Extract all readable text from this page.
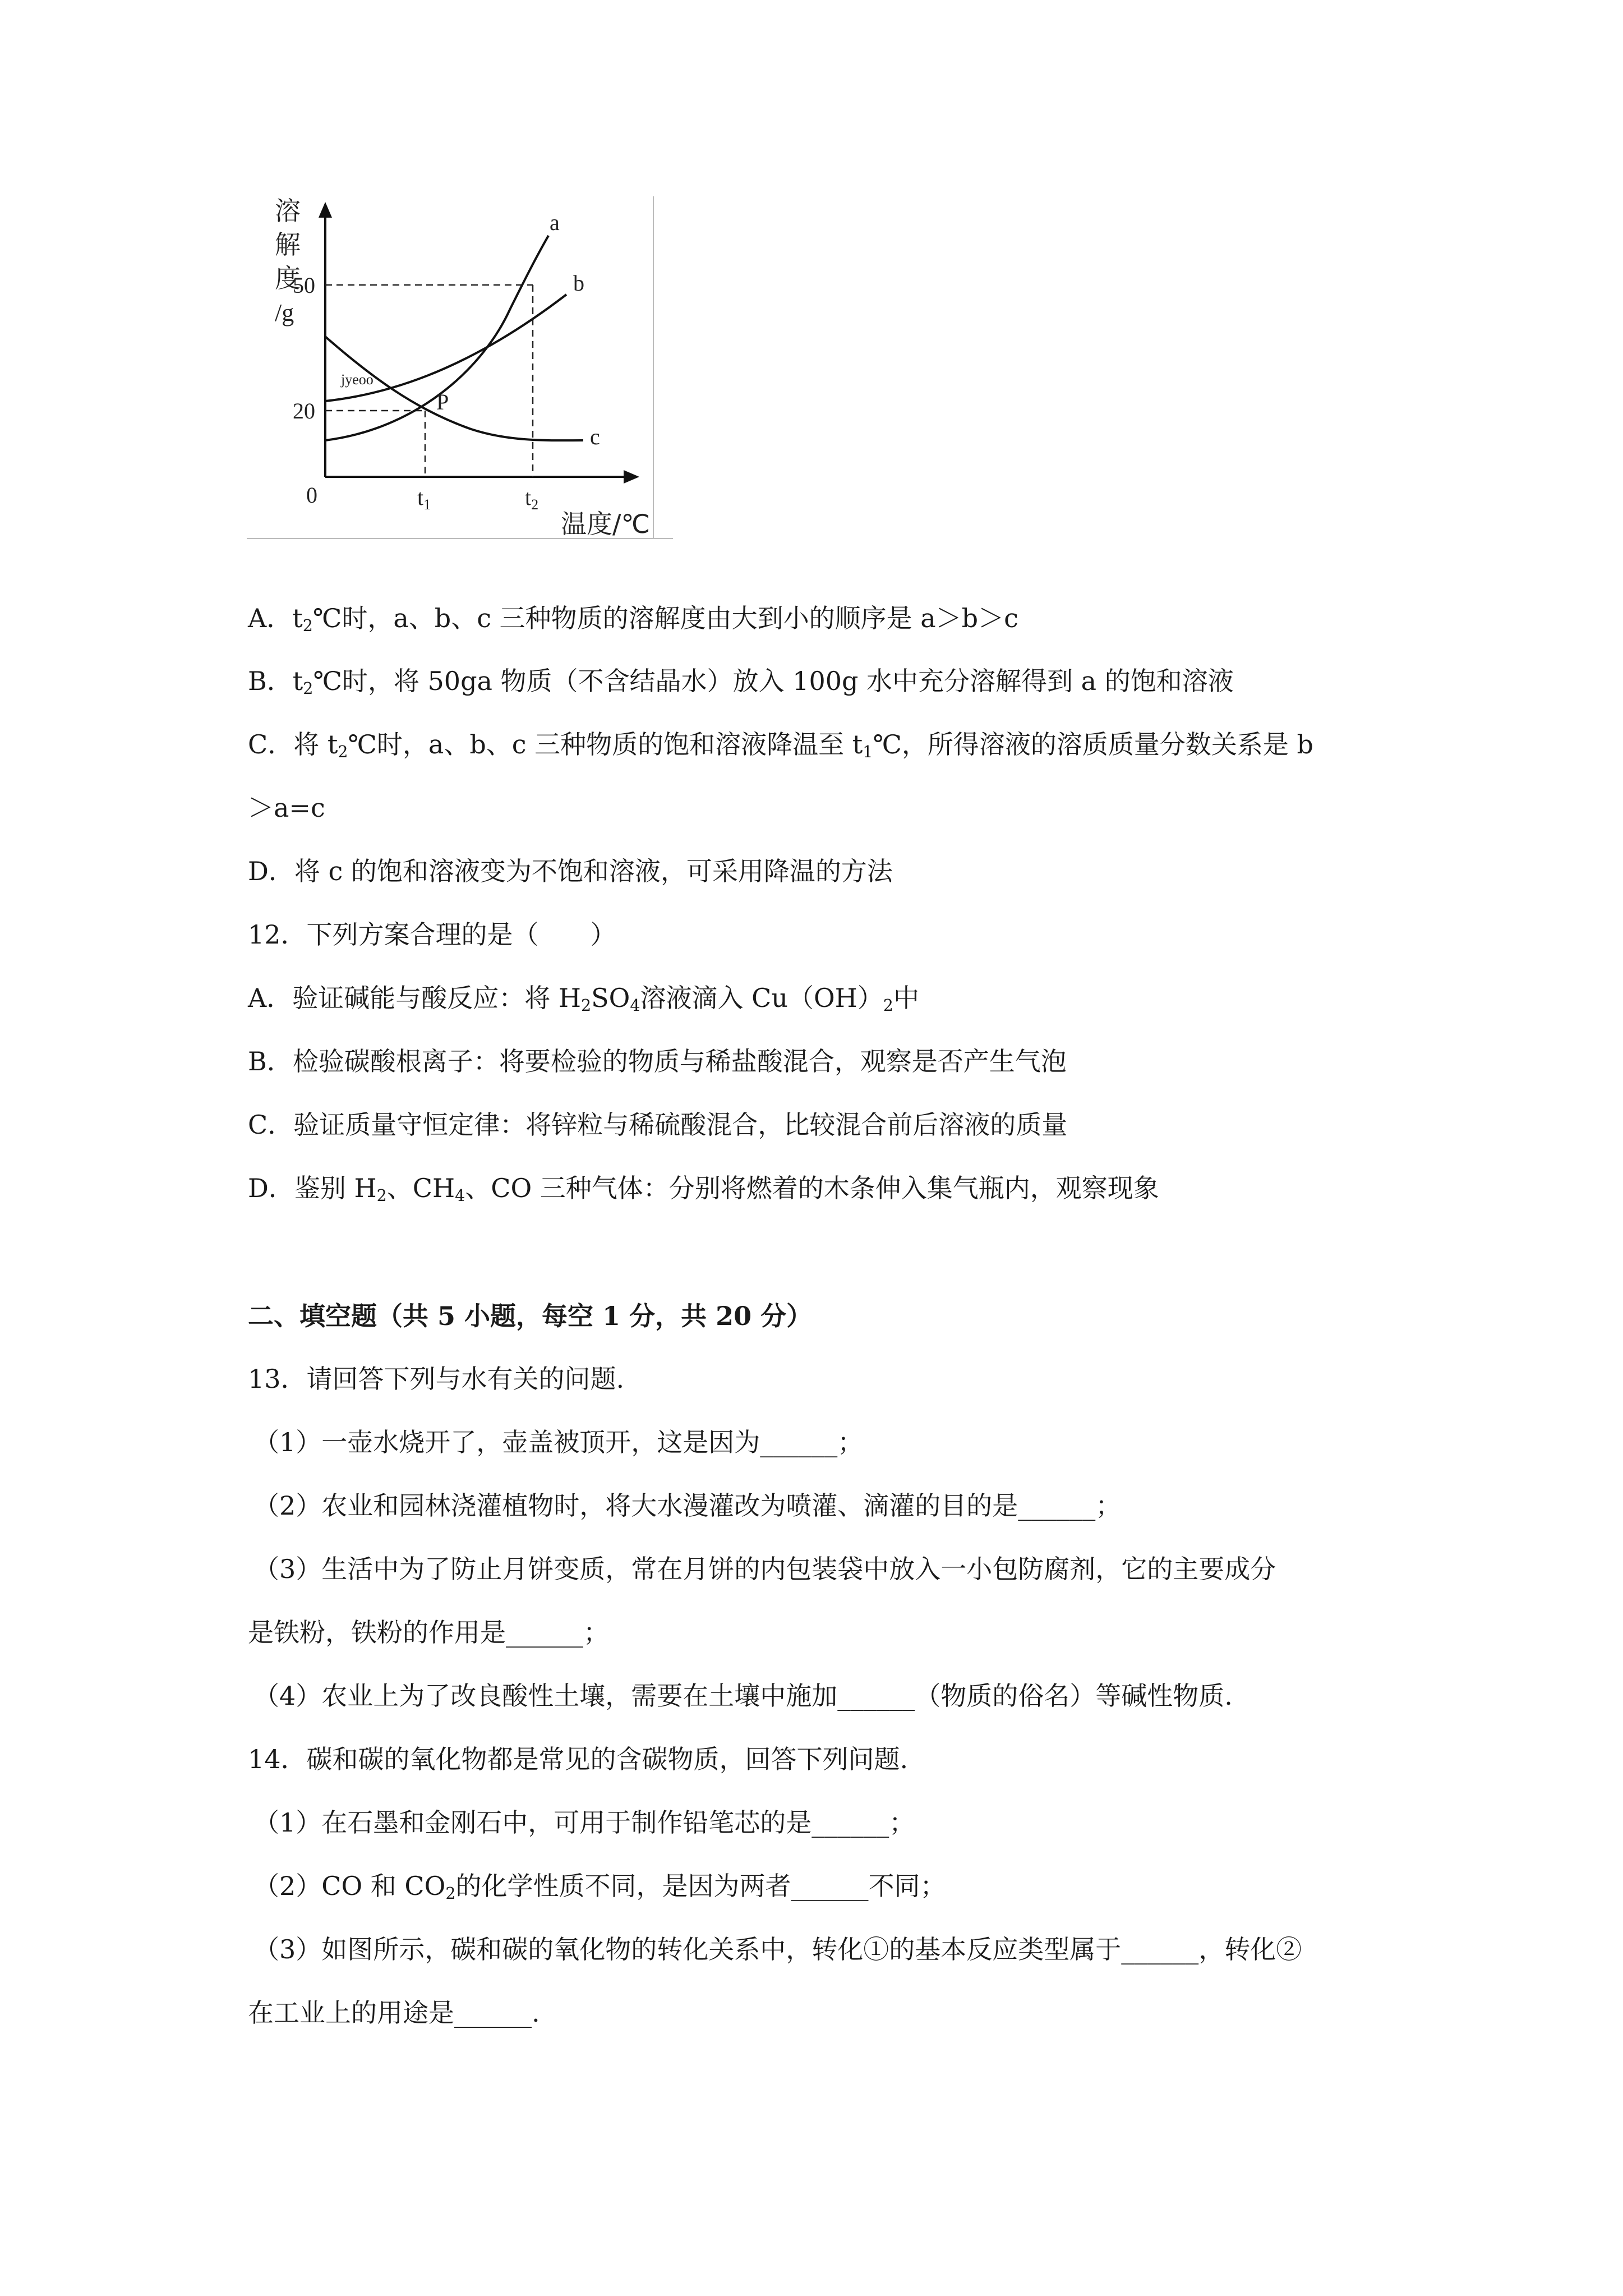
a
b
c
P
溶
解
度
/g
50
20
0	$t_1$	$t_2$
温度/℃
jyeoo
A．$t_2℃$时，a、b、c 三种物质的溶解度由大到小的顺序是 a＞b＞c
B．$t_2℃$时，将 50ga 物质（不含结晶水）放入 100g 水中充分溶解得到 a 的饱和溶液
C．将 $t_2℃$时，a、b、c 三种物质的饱和溶液降温至 $t_1℃$，所得溶液的溶质质量分数关系是 b
＞a=c
D．将 c 的饱和溶液变为不饱和溶液，可采用降温的方法
12．下列方案合理的是（　　）
A．验证碱能与酸反应：将 $H_2SO_4$溶液滴入 $Cu(OH)_2$中
B．检验碳酸根离子：将要检验的物质与稀盐酸混合，观察是否产生气泡
C．验证质量守恒定律：将锌粒与稀硫酸混合，比较混合前后溶液的质量
D．鉴别 $H_2$、$CH_4$、CO 三种气体：分别将燃着的木条伸入集气瓶内，观察现象
二、填空题（共 5 小题，每空 1 分，共 20 分）
13．请回答下列与水有关的问题.
（1）一壶水烧开了，壶盖被顶开，这是因为______；
（2）农业和园林浇灌植物时，将大水漫灌改为喷灌、滴灌的目的是______；
（3）生活中为了防止月饼变质，常在月饼的内包装袋中放入一小包防腐剂，它的主要成分
是铁粉，铁粉的作用是______；
（4）农业上为了改良酸性土壤，需要在土壤中施加______（物质的俗名）等碱性物质.
14．碳和碳的氧化物都是常见的含碳物质，回答下列问题.
（1）在石墨和金刚石中，可用于制作铅笔芯的是______；
（2）CO 和 $CO_2$的化学性质不同，是因为两者______不同；
（3）如图所示，碳和碳的氧化物的转化关系中，转化①的基本反应类型属于______，转化②
在工业上的用途是______.
